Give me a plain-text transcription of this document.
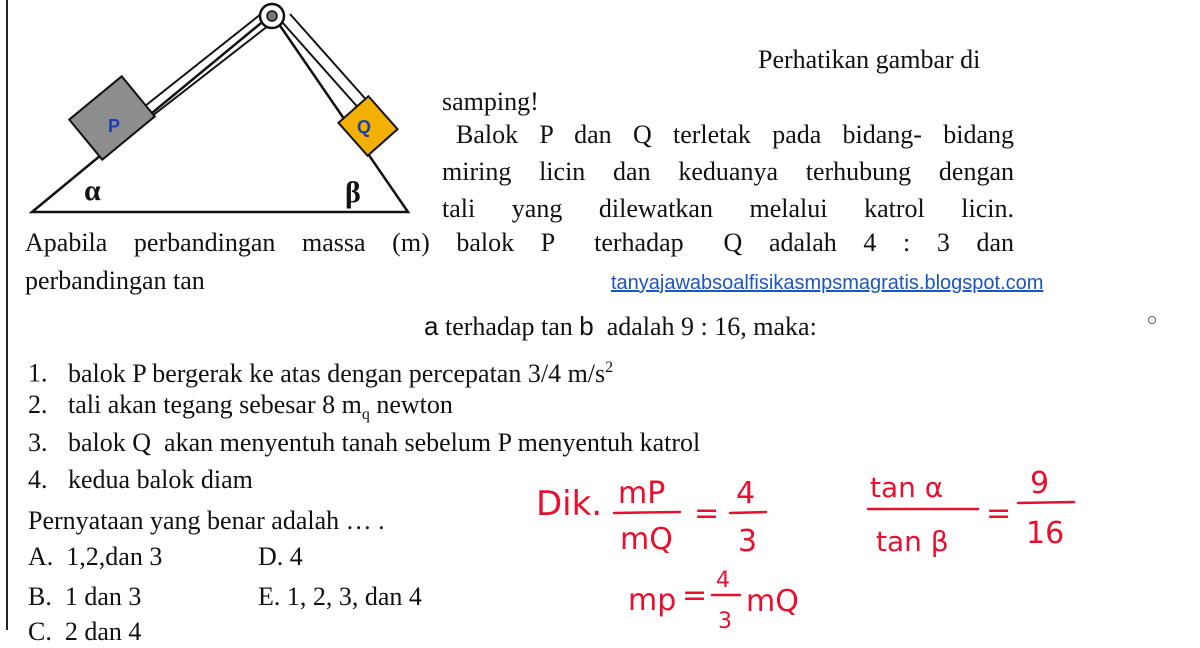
P	Q
α	β
Perhatikan gambar di
samping!
Balok P dan Q terletak pada bidang- bidang
miring licin dan keduanya terhubung dengan
tali yang dilewatkan melalui katrol licin.
Apabila  perbandingan  massa  (m)  balok  P   terhadap   Q  adalah  4  :  3  dan
perbandingan tan	tanyajawabsoalfisikasmpsmagratis.blogspot.com
a terhadap tan b  adalah 9 : 16, maka:
1. balok P bergerak ke atas dengan percepatan 3/4 $m/s^2$
2. tali akan tegang sebesar 8 $m_q$ newton
3. balok Q  akan menyentuh tanah sebelum P menyentuh katrol
4. kedua balok diam
Pernyataan yang benar adalah … .
A.  1,2,dan 3	D. 4
B.  1 dan 3	E. 1, 2, 3, dan 4
C.  2 dan 4
Dik. mP
mQ
=
4
3
tan α
tan β
=
9
16
mp = 4
3
mQ
